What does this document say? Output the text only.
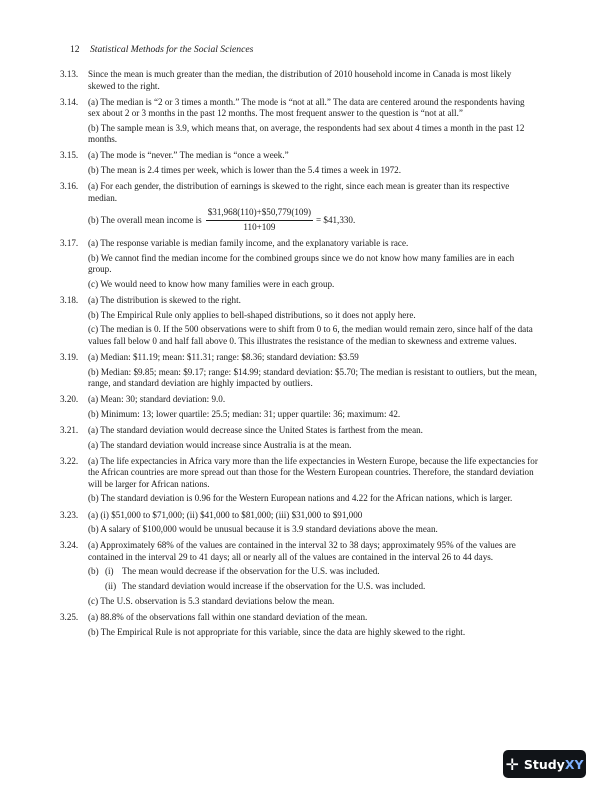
12 Statistical Methods for the Social Sciences
3.13. Since the mean is much greater than the median, the distribution of 2010 household income in Canada is most likely skewed to the right.
3.14. (a) The median is “2 or 3 times a month.” The mode is “not at all.” The data are centered around the respondents having sex about 2 or 3 months in the past 12 months. The most frequent answer to the question is “not at all.”
(b) The sample mean is 3.9, which means that, on average, the respondents had sex about 4 times a month in the past 12 months.
3.15. (a) The mode is “never.” The median is “once a week.”
(b) The mean is 2.4 times per week, which is lower than the 5.4 times a week in 1972.
3.16. (a) For each gender, the distribution of earnings is skewed to the right, since each mean is greater than its respective median.
(b) The overall mean income is $\frac{\$31,968(110)+\$50,779(109)}{110+109}$ = $41,330.
3.17. (a) The response variable is median family income, and the explanatory variable is race.
(b) We cannot find the median income for the combined groups since we do not know how many families are in each group.
(c) We would need to know how many families were in each group.
3.18. (a) The distribution is skewed to the right.
(b) The Empirical Rule only applies to bell-shaped distributions, so it does not apply here.
(c) The median is 0. If the 500 observations were to shift from 0 to 6, the median would remain zero, since half of the data values fall below 0 and half fall above 0. This illustrates the resistance of the median to skewness and extreme values.
3.19. (a) Median: $11.19; mean: $11.31; range: $8.36; standard deviation: $3.59
(b) Median: $9.85; mean: $9.17; range: $14.99; standard deviation: $5.70; The median is resistant to outliers, but the mean, range, and standard deviation are highly impacted by outliers.
3.20. (a) Mean: 30; standard deviation: 9.0.
(b) Minimum: 13; lower quartile: 25.5; median: 31; upper quartile: 36; maximum: 42.
3.21. (a) The standard deviation would decrease since the United States is farthest from the mean.
(a) The standard deviation would increase since Australia is at the mean.
3.22. (a) The life expectancies in Africa vary more than the life expectancies in Western Europe, because the life expectancies for the African countries are more spread out than those for the Western European countries. Therefore, the standard deviation will be larger for African nations.
(b) The standard deviation is 0.96 for the Western European nations and 4.22 for the African nations, which is larger.
3.23. (a) (i) $51,000 to $71,000; (ii) $41,000 to $81,000; (iii) $31,000 to $91,000
(b) A salary of $100,000 would be unusual because it is 3.9 standard deviations above the mean.
3.24. (a) Approximately 68% of the values are contained in the interval 32 to 38 days; approximately 95% of the values are contained in the interval 29 to 41 days; all or nearly all of the values are contained in the interval 26 to 44 days.
(b) (i) The mean would decrease if the observation for the U.S. was included.
(ii) The standard deviation would increase if the observation for the U.S. was included.
(c) The U.S. observation is 5.3 standard deviations below the mean.
3.25. (a) 88.8% of the observations fall within one standard deviation of the mean.
(b) The Empirical Rule is not appropriate for this variable, since the data are highly skewed to the right.
✛ Study XY
